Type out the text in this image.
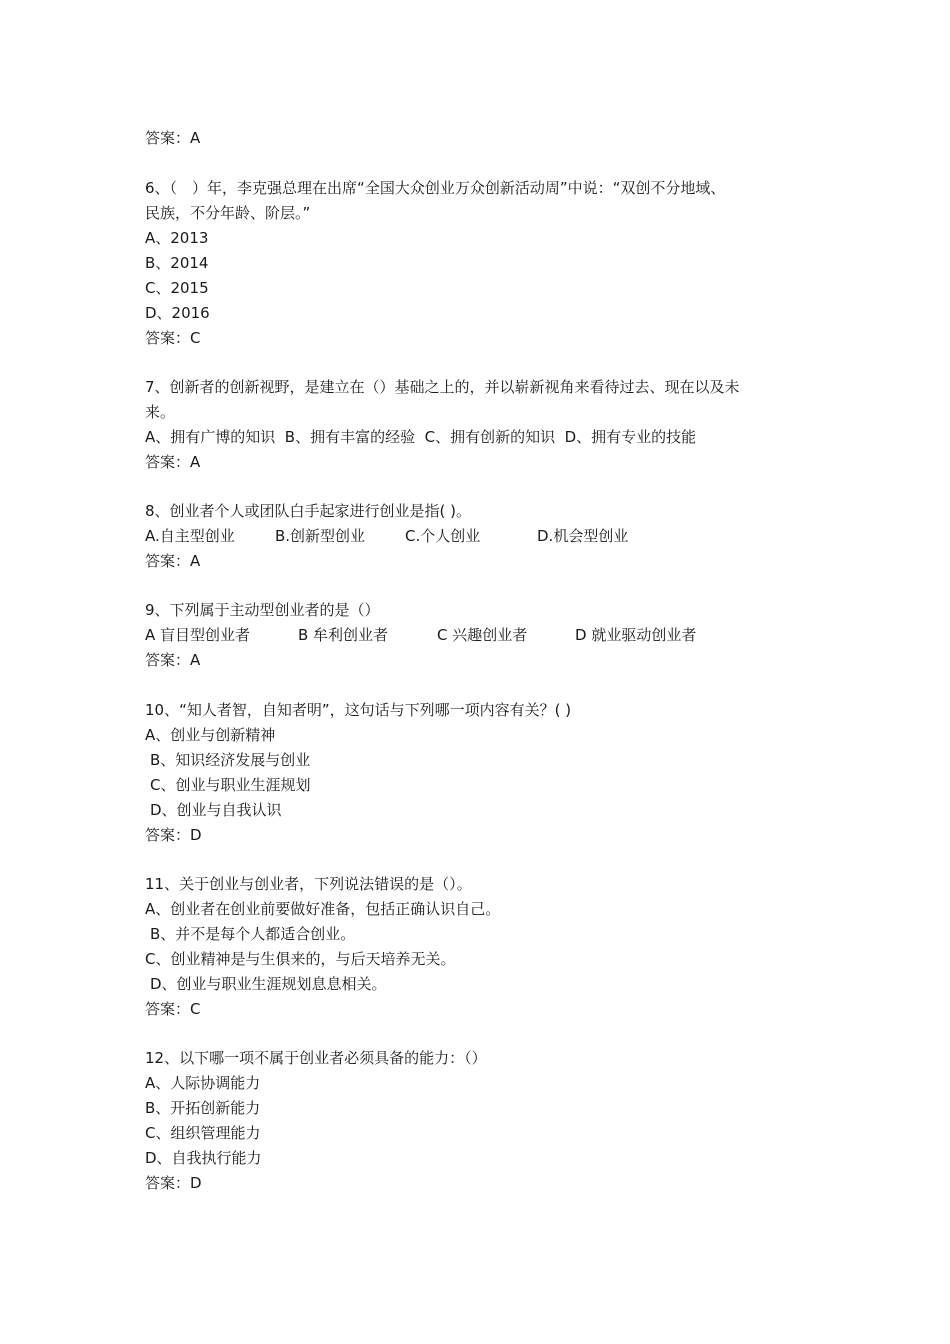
答案：A
6、（　）年，李克强总理在出席“全国大众创业万众创新活动周”中说：“双创不分地域、
民族，不分年龄、阶层。”
A、2013
B、2014
C、2015
D、2016
答案：C
7、创新者的创新视野，是建立在（）基础之上的，并以崭新视角来看待过去、现在以及未
来。
A、拥有广博的知识  B、拥有丰富的经验  C、拥有创新的知识  D、拥有专业的技能
答案：A
8、创业者个人或团队白手起家进行创业是指( )。

A.自主型创业

	B.创新型创业

	C.个人创业

	D.机会型创业

答案：A
9、下列属于主动型创业者的是（）

A 盲目型创业者

	B 牟利创业者

	C 兴趣创业者

	D 就业驱动创业者

答案：A
10、“知人者智，自知者明”，这句话与下列哪一项内容有关？( )
A、创业与创新精神
B、知识经济发展与创业
C、创业与职业生涯规划
D、创业与自我认识
答案：D
11、关于创业与创业者，下列说法错误的是（）。
A、创业者在创业前要做好准备，包括正确认识自己。
B、并不是每个人都适合创业。
C、创业精神是与生俱来的，与后天培养无关。
D、创业与职业生涯规划息息相关。
答案：C
12、以下哪一项不属于创业者必须具备的能力：（）
A、人际协调能力
B、开拓创新能力
C、组织管理能力
D、自我执行能力
答案：D
